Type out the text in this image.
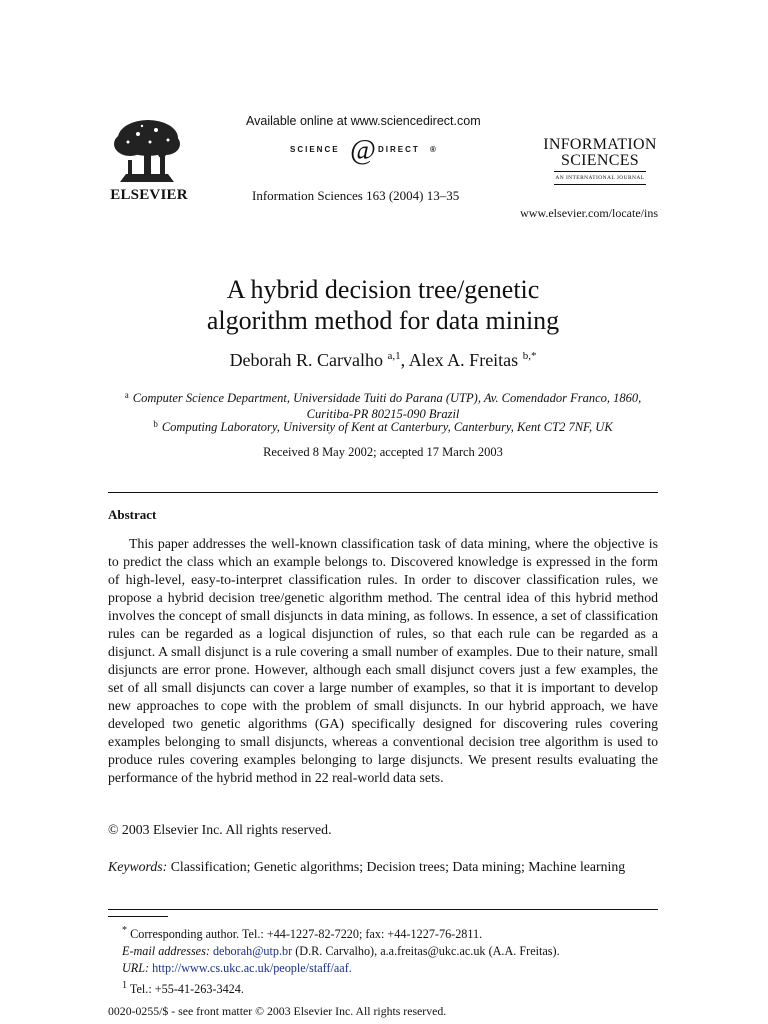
ELSEVIER
Available online at www.sciencedirect.com
SCIENCE @ DIRECT ®
Information Sciences 163 (2004) 13–35
INFORMATION
SCIENCES
AN INTERNATIONAL JOURNAL
www.elsevier.com/locate/ins
A hybrid decision tree/genetic
algorithm method for data mining
Deborah R. Carvalho $^{a,1}$, Alex A. Freitas $^{b,*}$
$^a$ Computer Science Department, Universidade Tuiti do Parana (UTP), Av. Comendador Franco, 1860, Curitiba-PR 80215-090 Brazil
$^b$ Computing Laboratory, University of Kent at Canterbury, Canterbury, Kent CT2 7NF, UK
Received 8 May 2002; accepted 17 March 2003
Abstract

This paper addresses the well-known classification task of data mining, where the objective is to predict the class which an example belongs to. Discovered knowledge is expressed in the form of high-level, easy-to-interpret classification rules. In order to discover classification rules, we propose a hybrid decision tree/genetic algorithm method. The central idea of this hybrid method involves the concept of small disjuncts in data mining, as follows. In essence, a set of classification rules can be regarded as a logical disjunction of rules, so that each rule can be regarded as a disjunct. A small disjunct is a rule covering a small number of examples. Due to their nature, small disjuncts are error prone. However, although each small disjunct covers just a few examples, the set of all small disjuncts can cover a large number of examples, so that it is important to develop new approaches to cope with the problem of small disjuncts. In our hybrid approach, we have developed two genetic algorithms (GA) specifically designed for discovering rules covering examples belonging to small disjuncts, whereas a conventional decision tree algorithm is used to produce rules covering examples belonging to large disjuncts. We present results evaluating the performance of the hybrid method in 22 real-world data sets.

© 2003 Elsevier Inc. All rights reserved.
Keywords: Classification; Genetic algorithms; Decision trees; Data mining; Machine learning
* Corresponding author. Tel.: +44-1227-82-7220; fax: +44-1227-76-2811.
E-mail addresses: deborah@utp.br (D.R. Carvalho), a.a.freitas@ukc.ac.uk (A.A. Freitas).
URL: http://www.cs.ukc.ac.uk/people/staff/aaf.
$^1$ Tel.: +55-41-263-3424.
0020-0255/$ - see front matter © 2003 Elsevier Inc. All rights reserved.
